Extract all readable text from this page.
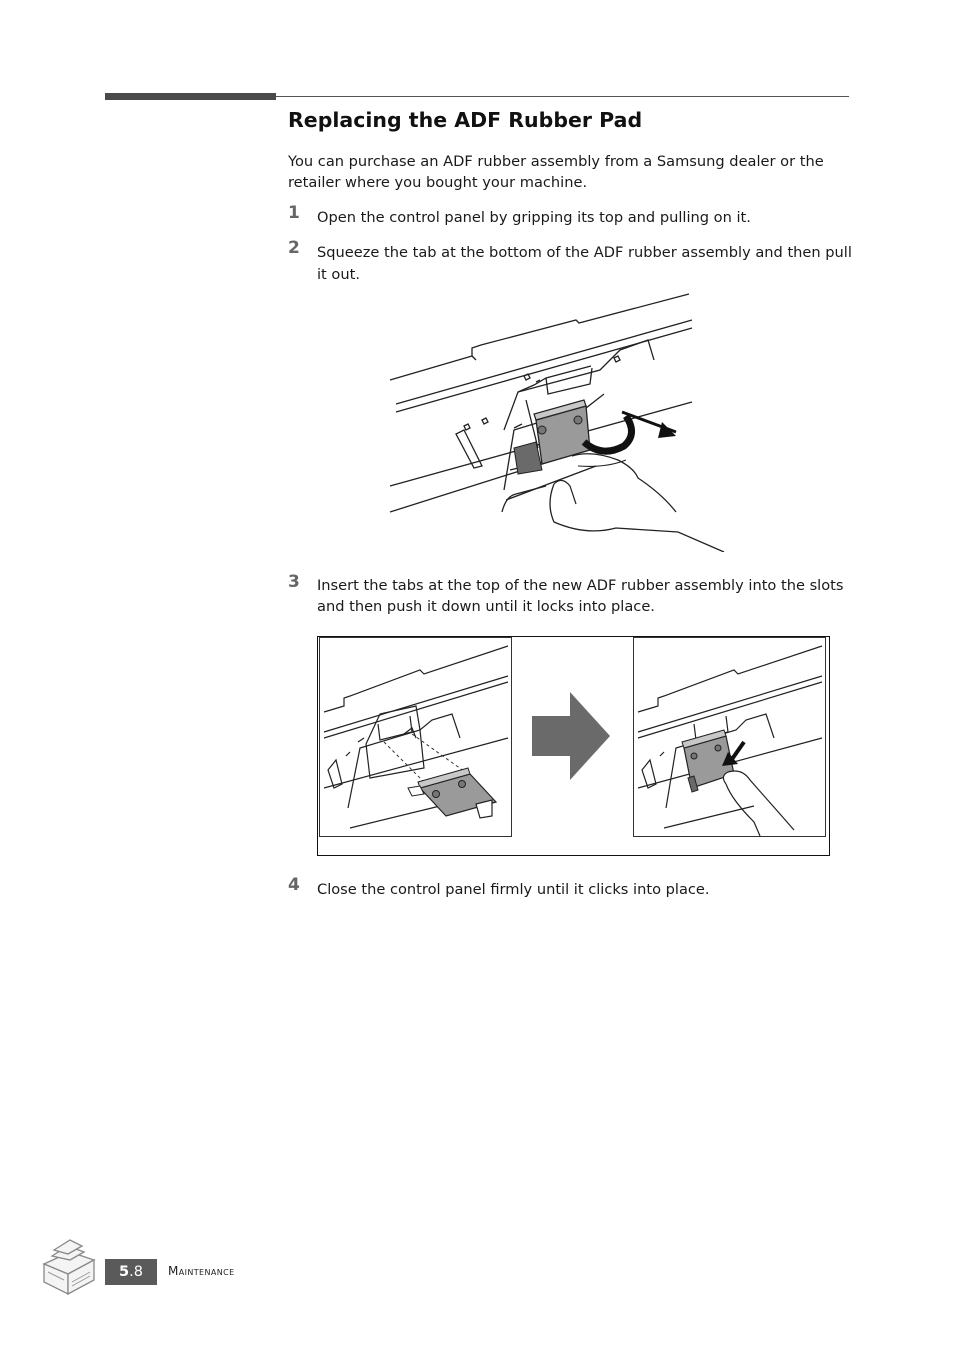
Replacing the ADF Rubber Pad

You can purchase an ADF rubber assembly from a Samsung dealer or the retailer where you bought your machine.

1 Open the control panel by gripping its top and pulling on it.

2 Squeeze the tab at the bottom of the ADF rubber assembly and then pull it out.

3 Insert the tabs at the top of the new ADF rubber assembly into the slots and then push it down until it locks into place.

4 Close the control panel firmly until it clicks into place.

5.8	Maintenance
